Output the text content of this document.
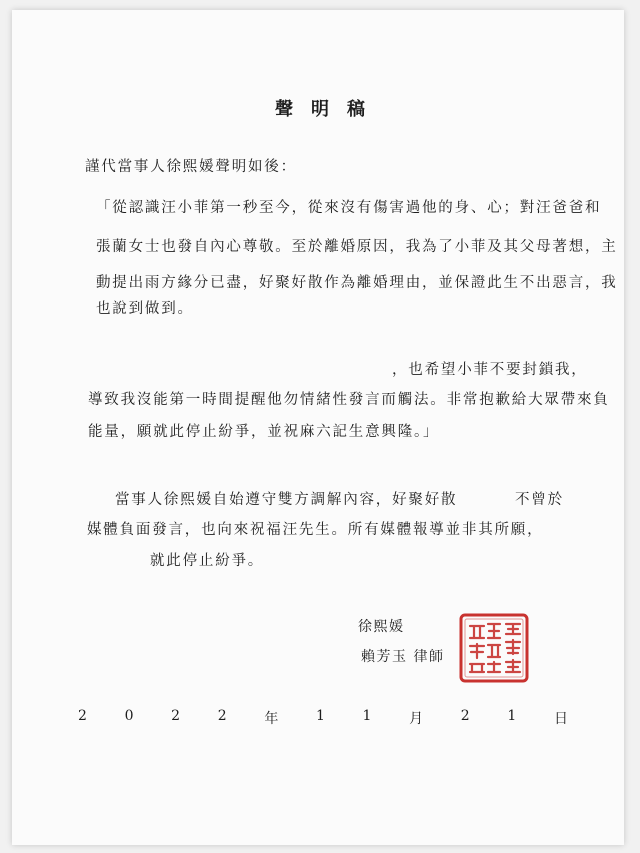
聲明稿
謹代當事人徐熙媛聲明如後：
「從認識汪小菲第一秒至今，從來沒有傷害過他的身、心；對汪爸爸和
張蘭女士也發自內心尊敬。至於離婚原因，我為了小菲及其父母著想，主
動提出雨方緣分已盡，好聚好散作為離婚理由，並保證此生不出惡言，我
也說到做到。
，也希望小菲不要封鎖我，
導致我沒能第一時間提醒他勿情緒性發言而觸法。非常抱歉給大眾帶來負
能量，願就此停止紛爭，並祝麻六記生意興隆。」
當事人徐熙媛自始遵守雙方調解內容，好聚好散	不曾於
媒體負面發言，也向來祝福汪先生。所有媒體報導並非其所願，
就此停止紛爭。
徐熙媛
賴芳玉 律師
2	0	2	2	年	1	1	月	2	1	日
